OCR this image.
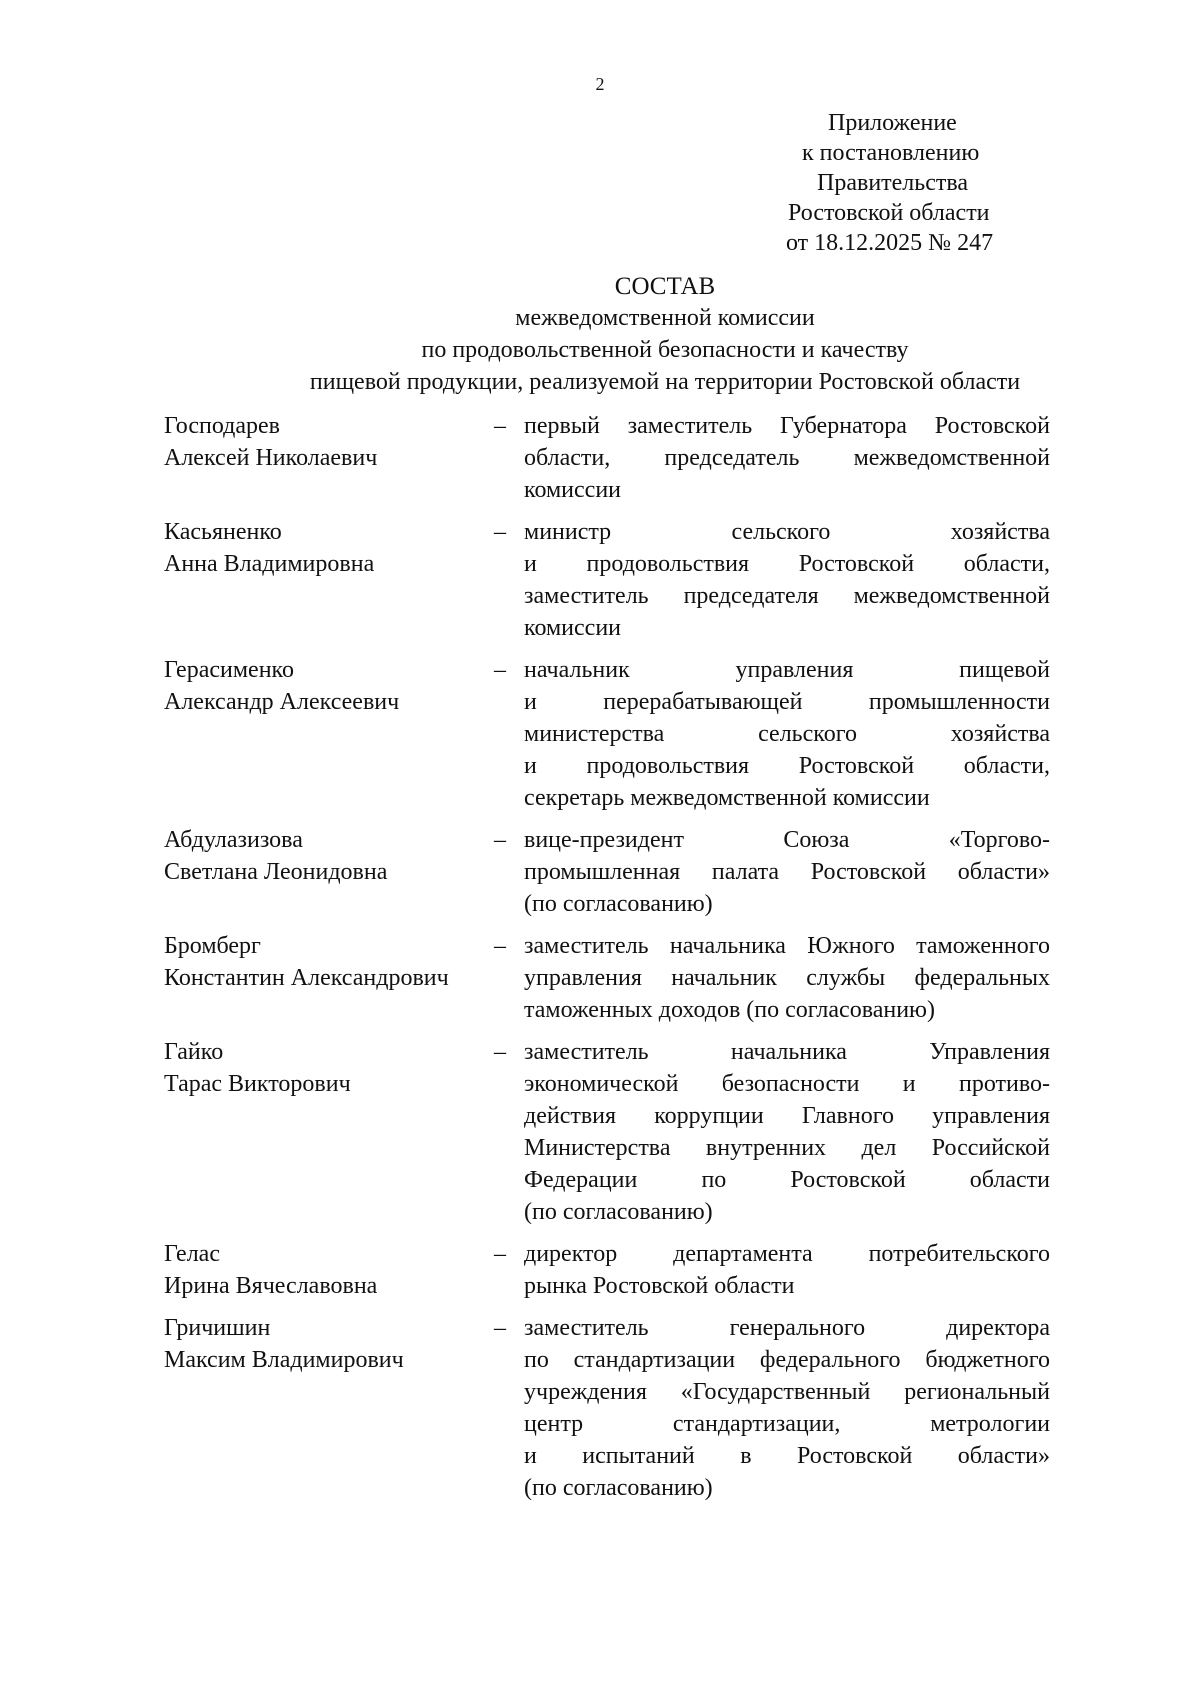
2
Приложение
к постановлению
Правительства
Ростовской области
от 18.12.2025 № 247
СОСТАВ
межведомственной комиссии
по продовольственной безопасности и качеству
пищевой продукции, реализуемой на территории Ростовской области
Господарев
Алексей Николаевич
– первый заместитель Губернатора Ростовской
области, председатель межведомственной
комиссии
Касьяненко
Анна Владимировна
– министр сельского хозяйства
и продовольствия Ростовской области,
заместитель председателя межведомственной
комиссии
Герасименко
Александр Алексеевич
– начальник управления пищевой
и перерабатывающей промышленности
министерства сельского хозяйства
и продовольствия Ростовской области,
секретарь межведомственной комиссии
Абдулазизова
Светлана Леонидовна
– вице-президент Союза «Торгово-
промышленная палата Ростовской области»
(по согласованию)
Бромберг
Константин Александрович
– заместитель начальника Южного таможенного
управления начальник службы федеральных
таможенных доходов (по согласованию)
Гайко
Тарас Викторович
– заместитель начальника Управления
экономической безопасности и противо-
действия коррупции Главного управления
Министерства внутренних дел Российской
Федерации по Ростовской области
(по согласованию)
Гелас
Ирина Вячеславовна
– директор департамента потребительского
рынка Ростовской области
Гричишин
Максим Владимирович
– заместитель генерального директора
по стандартизации федерального бюджетного
учреждения «Государственный региональный
центр стандартизации, метрологии
и испытаний в Ростовской области»
(по согласованию)
